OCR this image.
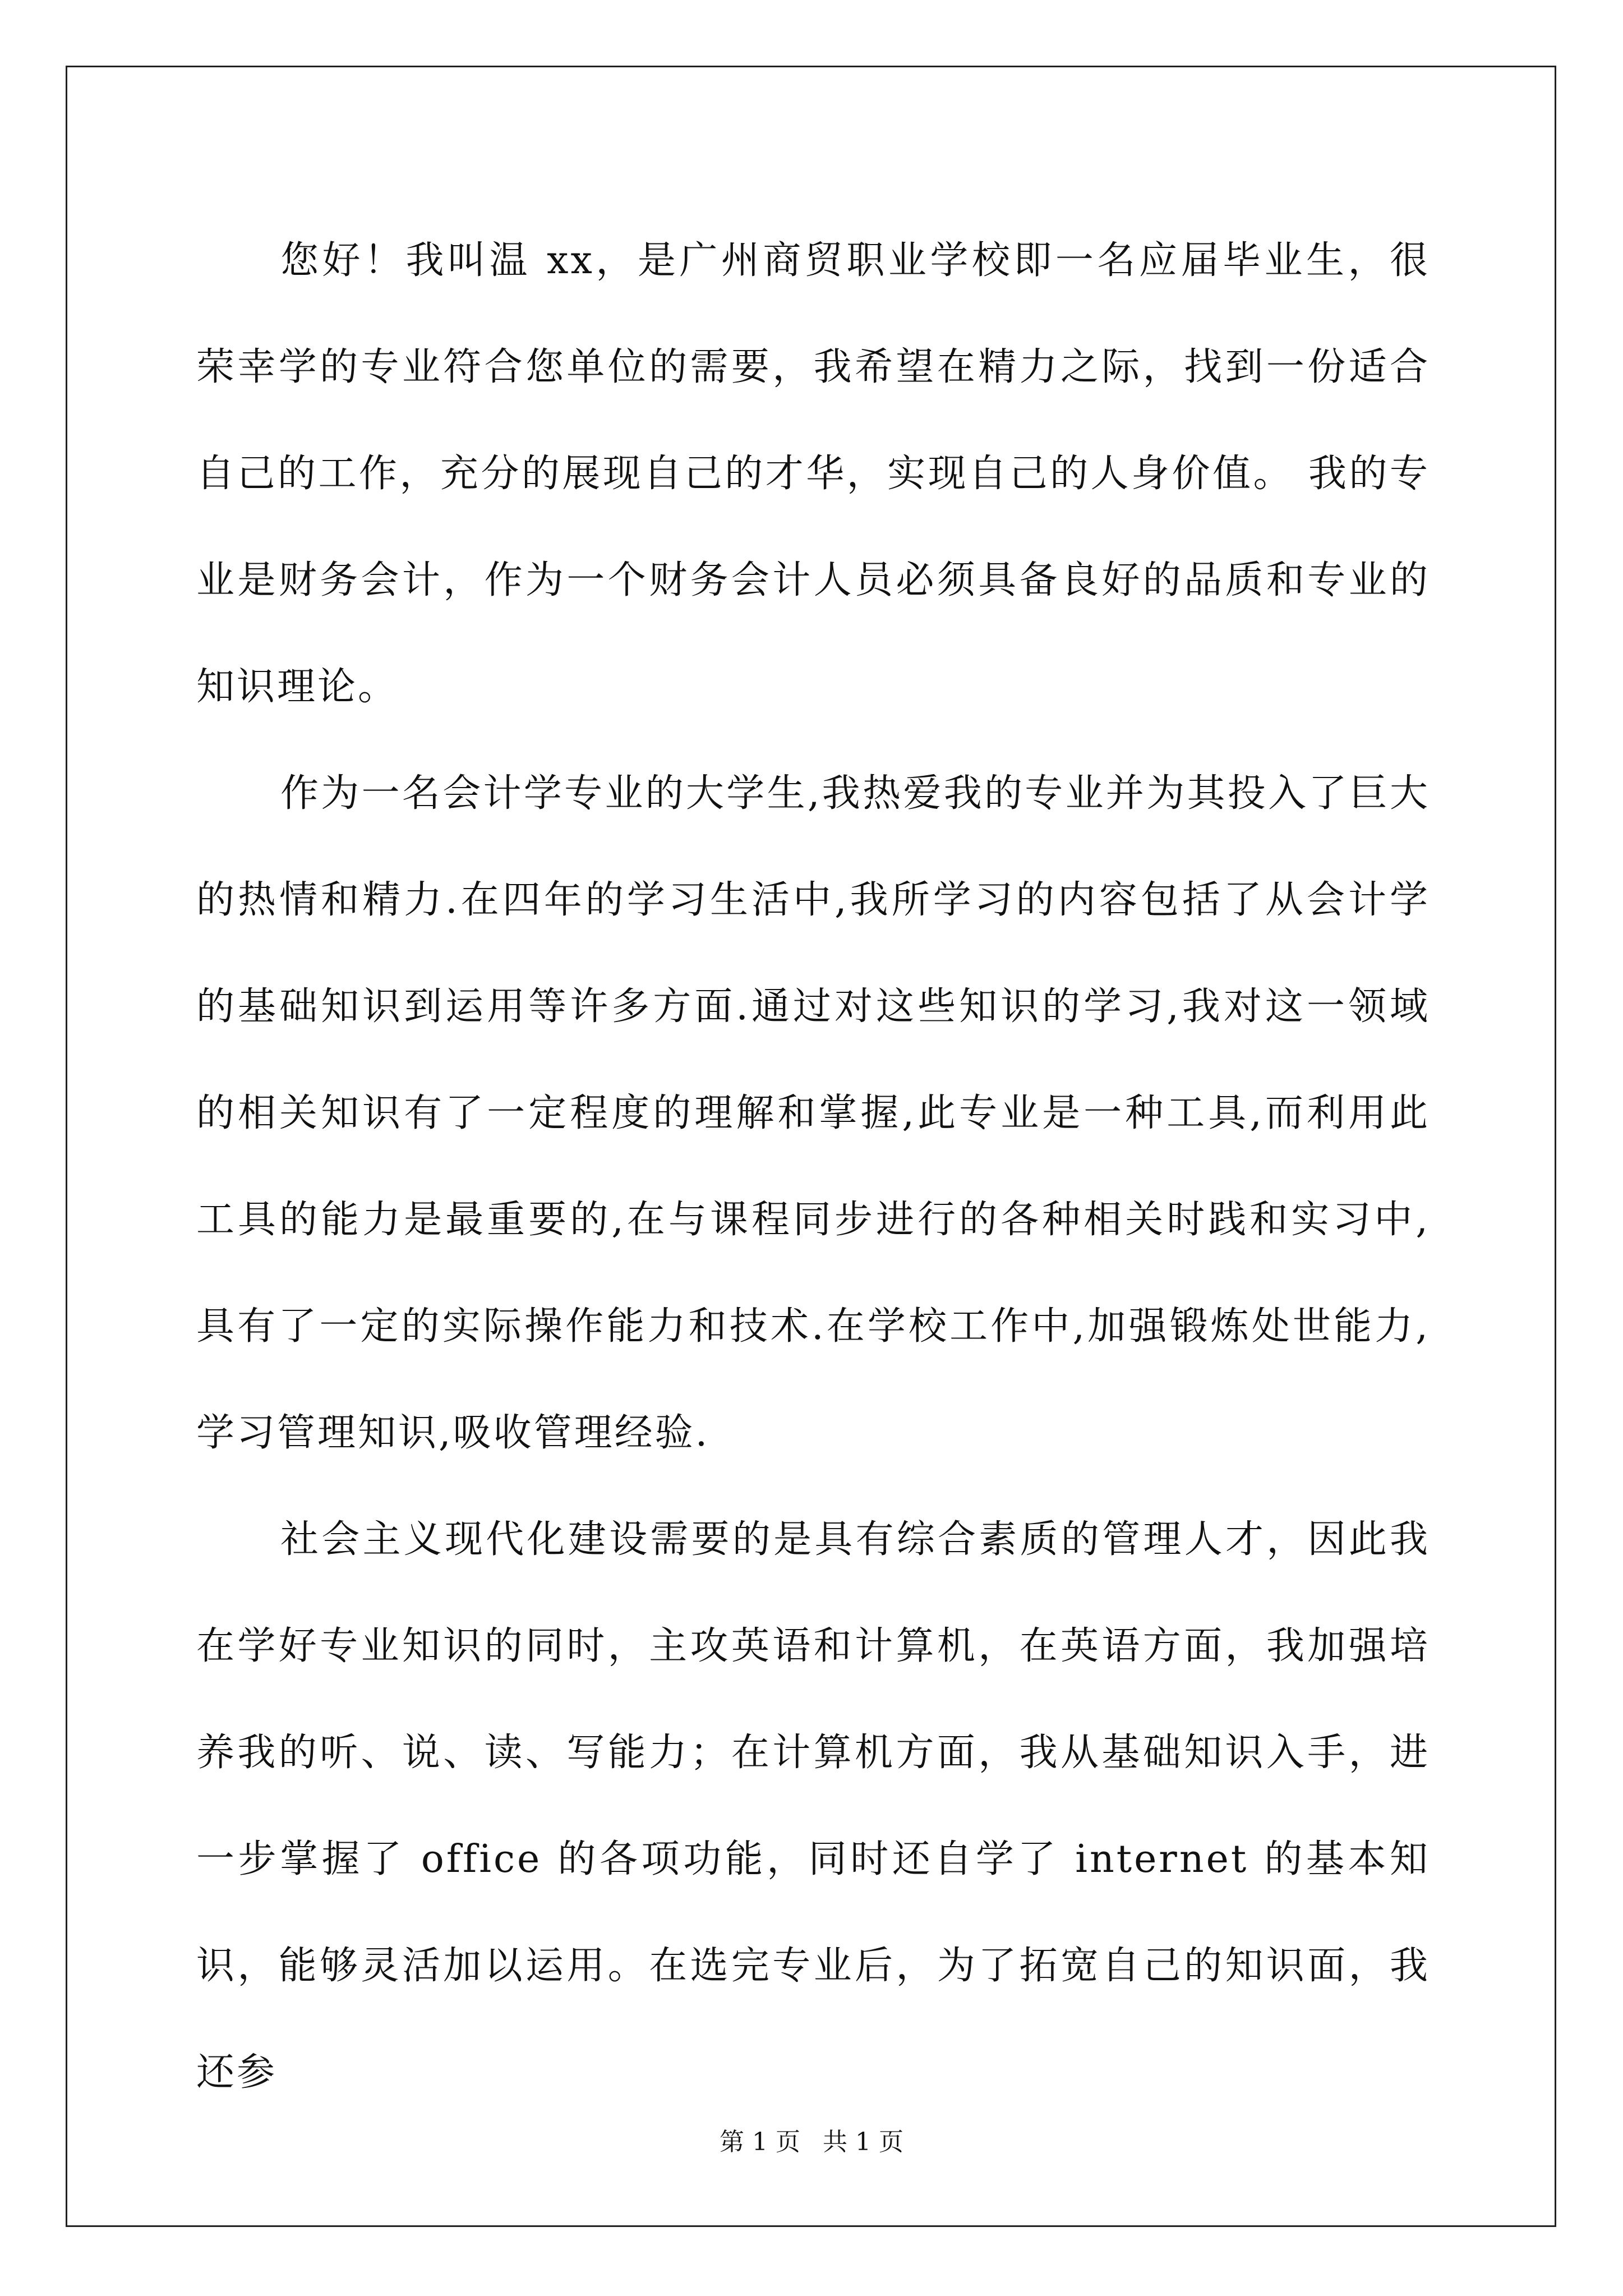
您好！我叫温 xx，是广州商贸职业学校即一名应届毕业生，很荣幸学的专业符合您单位的需要，我希望在精力之际，找到一份适合自己的工作，充分的展现自己的才华，实现自己的人身价值。 我的专业是财务会计，作为一个财务会计人员必须具备良好的品质和专业的知识理论。

作为一名会计学专业的大学生,我热爱我的专业并为其投入了巨大的热情和精力.在四年的学习生活中,我所学习的内容包括了从会计学的基础知识到运用等许多方面.通过对这些知识的学习,我对这一领域的相关知识有了一定程度的理解和掌握,此专业是一种工具,而利用此工具的能力是最重要的,在与课程同步进行的各种相关时践和实习中,具有了一定的实际操作能力和技术.在学校工作中,加强锻炼处世能力,学习管理知识,吸收管理经验.

社会主义现代化建设需要的是具有综合素质的管理人才，因此我在学好专业知识的同时，主攻英语和计算机，在英语方面，我加强培养我的听、说、读、写能力；在计算机方面，我从基础知识入手，进一步掌握了 office 的各项功能，同时还自学了 internet 的基本知识，能够灵活加以运用。在选完专业后，为了拓宽自己的知识面，我还参

第 1 页 共 1 页
